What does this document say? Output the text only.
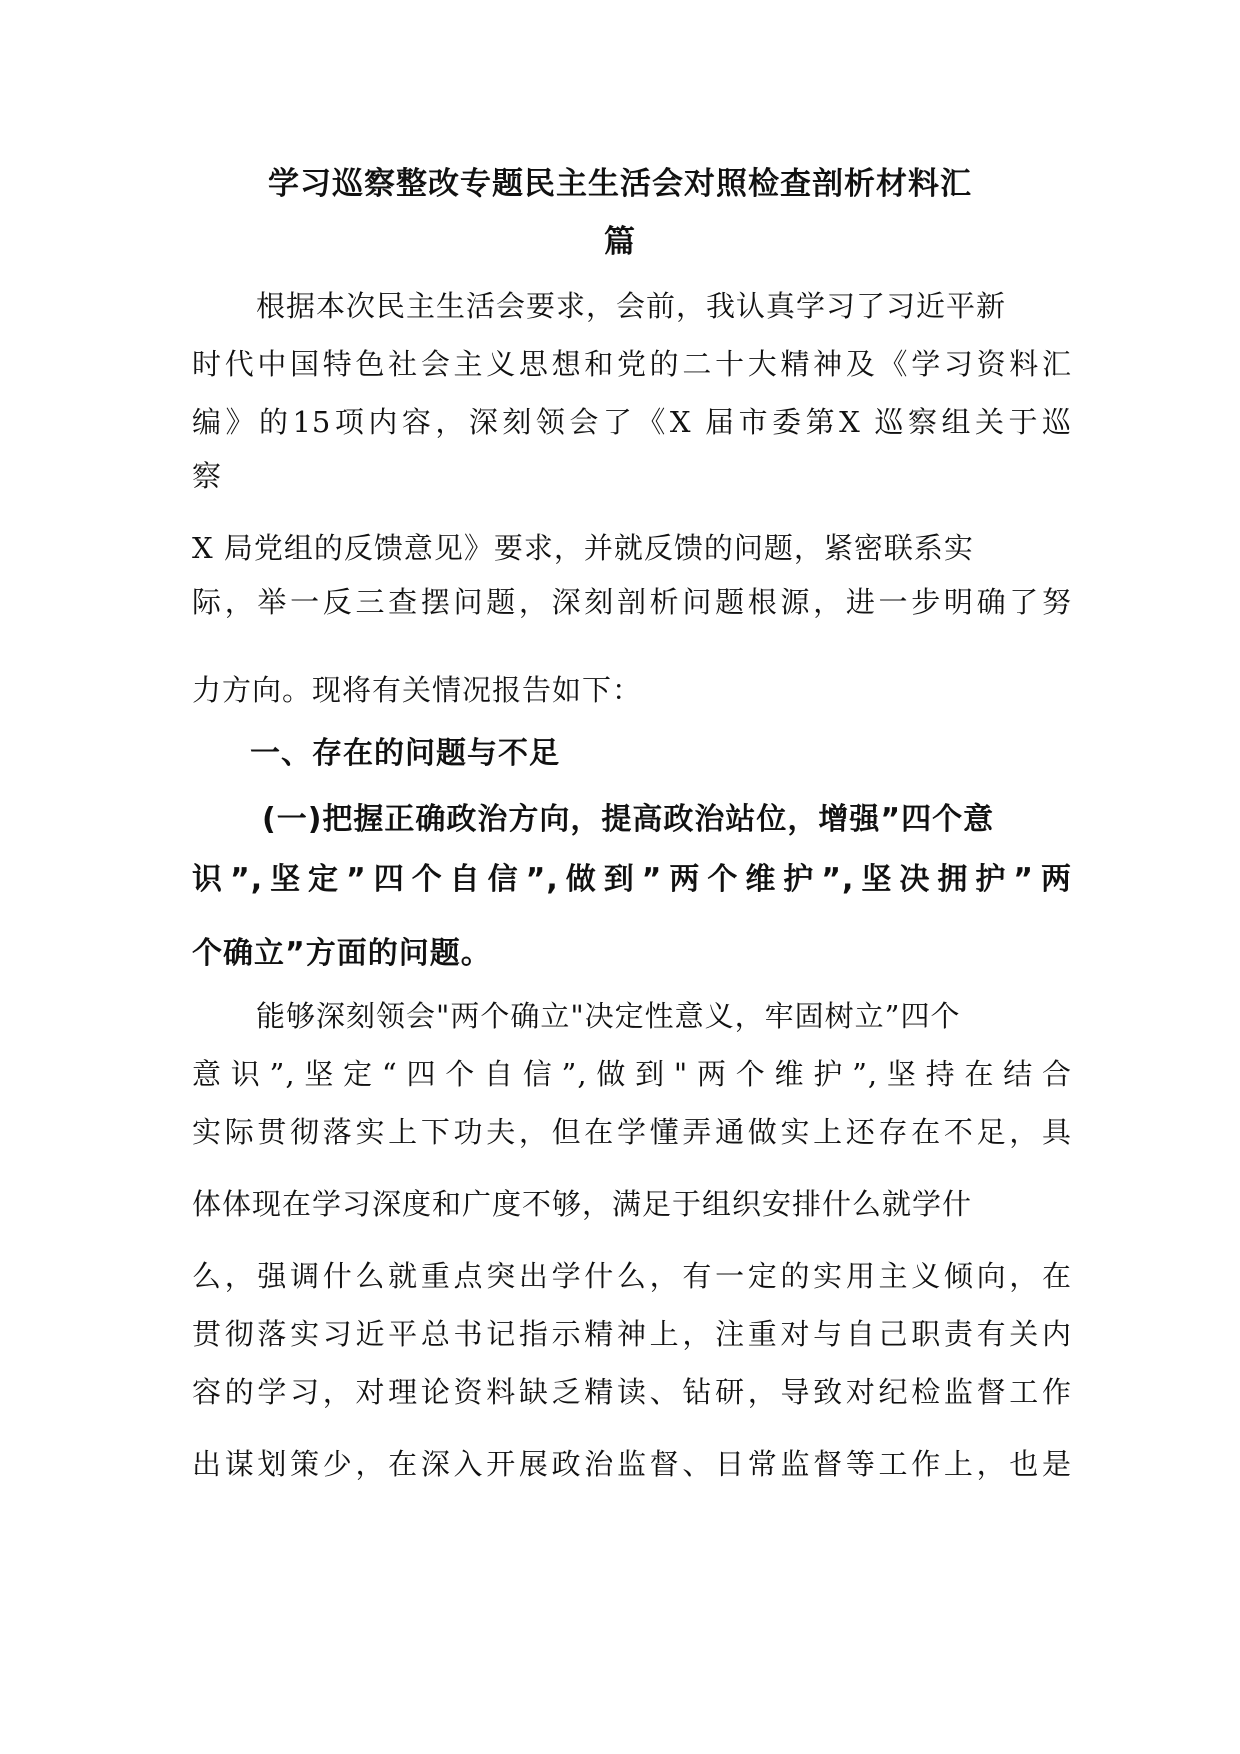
学习巡察整改专题民主生活会对照检查剖析材料汇
篇
根据本次民主生活会要求，会前，我认真学习了习近平新
时代中国特色社会主义思想和党的二十大精神及《学习资料汇
编》的15项内容，深刻领会了《X 届市委第X 巡察组关于巡
察
X 局党组的反馈意见》要求，并就反馈的问题，紧密联系实
际，举一反三查摆问题，深刻剖析问题根源，进一步明确了努
力方向。现将有关情况报告如下：
一、存在的问题与不足
(一)把握正确政治方向，提高政治站位，增强”四个意
识”,坚定”四个自信”,做到”两个维护”,坚决拥护”两
个确立”方面的问题。
能够深刻领会"两个确立"决定性意义，牢固树立”四个
意识”,坚定“四个自信”,做到"两个维护”,坚持在结合
实际贯彻落实上下功夫，但在学懂弄通做实上还存在不足，具
体体现在学习深度和广度不够，满足于组织安排什么就学什
么，强调什么就重点突出学什么，有一定的实用主义倾向，在
贯彻落实习近平总书记指示精神上，注重对与自己职责有关内
容的学习，对理论资料缺乏精读、钻研，导致对纪检监督工作
出谋划策少，在深入开展政治监督、日常监督等工作上，也是
